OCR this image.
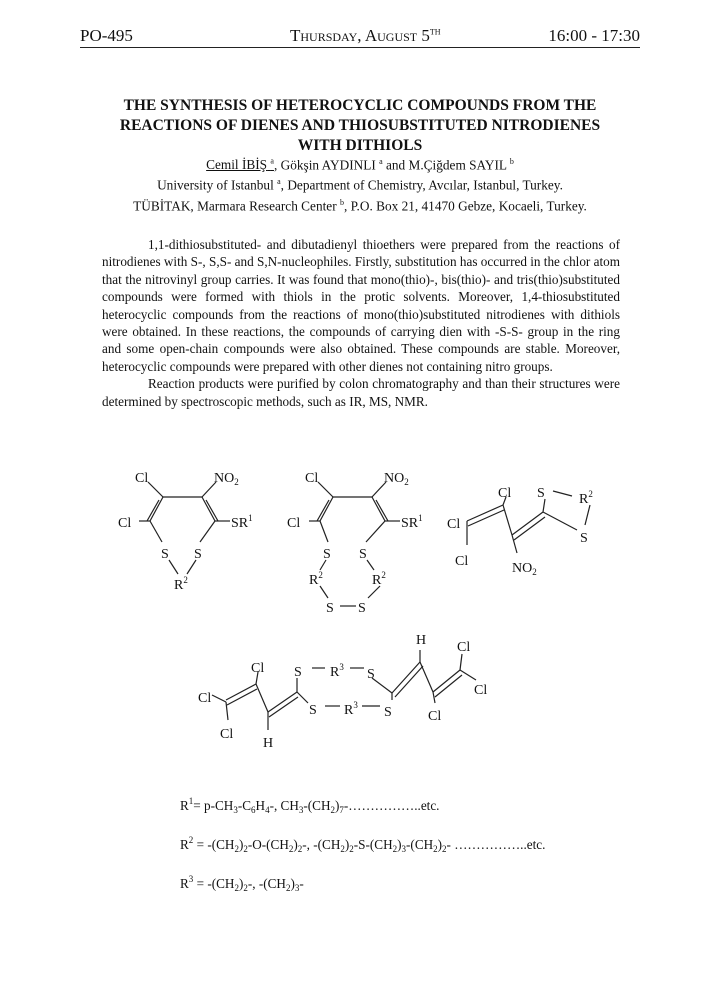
PO-495	Thursday, August 5TH	16:00 - 17:30
THE SYNTHESIS OF HETEROCYCLIC COMPOUNDS FROM THE
REACTIONS OF DIENES AND THIOSUBSTITUTED NITRODIENES
WITH DITHIOLS
Cemil İBİŞ $^a$, Gökşin AYDINLI $^a$ and M.Çiğdem SAYIL $^b$
University of Istanbul $^a$, Department of Chemistry, Avcılar, Istanbul, Turkey.
TÜBİTAK, Marmara Research Center $^b$, P.O. Box 21, 41470 Gebze, Kocaeli, Turkey.

1,1-dithiosubstituted- and dibutadienyl thioethers were prepared from the reactions of nitrodienes with S-, S,S- and S,N-nucleophiles. Firstly, substitution has occurred in the chlor atom that the nitrovinyl group carries. It was found that mono(thio)-, bis(thio)- and tris(thio)substituted compounds were formed with thiols in the protic solvents. Moreover, 1,4-thiosubstituted heterocyclic compounds from the reactions of mono(thio)substituted nitrodienes with dithiols were obtained. In these reactions, the compounds of carrying dien with -S-S- group in the ring and some open-chain compounds were also obtained. These compounds are stable. Moreover, heterocyclic compounds were prepared with other dienes not containing nitro groups.

Reaction products were purified by colon chromatography and than their structures were determined by spectroscopic methods, such as IR, MS, NMR.

Cl	$NO_2$
Cl	$SR^1$
S S
$R^2$
Cl	$NO_2$
Cl	$SR^1$
S S
$R^2$	$R^2$
S S
Cl S $R^2$
Cl
S
Cl	$NO_2$
Cl S $R^3$ S
H Cl
Cl
S $R^3$ S
Cl
Cl
Cl
H
$R^1= p-CH_3-C_6H_4-$, $CH_3-(CH_2)_7-\dots\dots\dots\dots\dots..etc$.
$R^2 = -(CH_2)_2-O-(CH_2)_2-$, $-(CH_2)_2-S-(CH_2)_3-(CH_2)_2-$ ……………..etc.
$R^3 = -(CH_2)_2-$, $-(CH_2)_3-$
